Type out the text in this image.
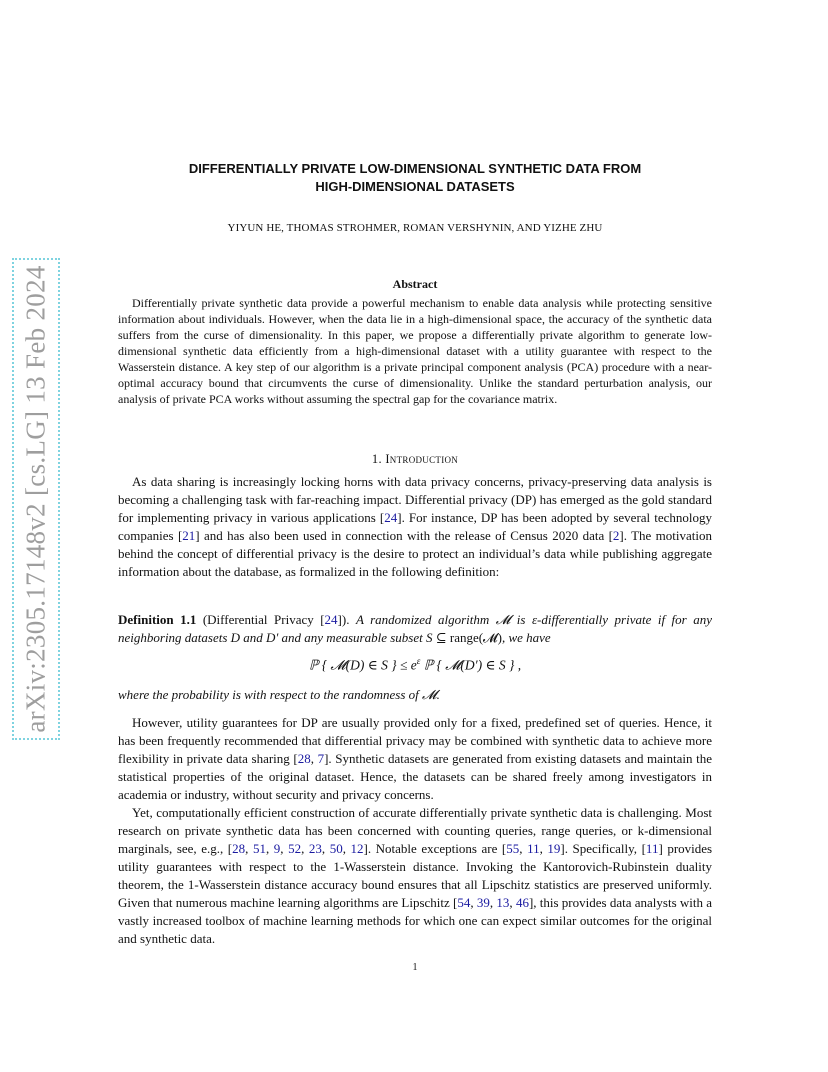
arXiv:2305.17148v2 [cs.LG] 13 Feb 2024
DIFFERENTIALLY PRIVATE LOW-DIMENSIONAL SYNTHETIC DATA FROM
HIGH-DIMENSIONAL DATASETS
YIYUN HE, THOMAS STROHMER, ROMAN VERSHYNIN, AND YIZHE ZHU
Abstract

Differentially private synthetic data provide a powerful mechanism to enable data analysis while protecting sensitive information about individuals. However, when the data lie in a high-dimensional space, the accuracy of the synthetic data suffers from the curse of dimensionality. In this paper, we propose a differentially private algorithm to generate low-dimensional synthetic data efficiently from a high-dimensional dataset with a utility guarantee with respect to the Wasserstein distance. A key step of our algorithm is a private principal component analysis (PCA) procedure with a near-optimal accuracy bound that circumvents the curse of dimensionality. Unlike the standard perturbation analysis, our analysis of private PCA works without assuming the spectral gap for the covariance matrix.

1. Introduction

As data sharing is increasingly locking horns with data privacy concerns, privacy-preserving data analysis is becoming a challenging task with far-reaching impact. Differential privacy (DP) has emerged as the gold standard for implementing privacy in various applications [24]. For instance, DP has been adopted by several technology companies [21] and has also been used in connection with the release of Census 2020 data [2]. The motivation behind the concept of differential privacy is the desire to protect an individual’s data while publishing aggregate information about the database, as formalized in the following definition:

Definition 1.1 (Differential Privacy [24]). A randomized algorithm 𝓜 is ε-differentially private if for any neighboring datasets D and D′ and any measurable subset S ⊆ range(𝓜), we have

ℙ { 𝓜(D) ∈ S } ≤ $e^\varepsilon$ ℙ { 𝓜(D′) ∈ S } ,

where the probability is with respect to the randomness of 𝓜.

However, utility guarantees for DP are usually provided only for a fixed, predefined set of queries. Hence, it has been frequently recommended that differential privacy may be combined with synthetic data to achieve more flexibility in private data sharing [28, 7]. Synthetic datasets are generated from existing datasets and maintain the statistical properties of the original dataset. Hence, the datasets can be shared freely among investigators in academia or industry, without security and privacy concerns.

Yet, computationally efficient construction of accurate differentially private synthetic data is challenging. Most research on private synthetic data has been concerned with counting queries, range queries, or k-dimensional marginals, see, e.g., [28, 51, 9, 52, 23, 50, 12]. Notable exceptions are [55, 11, 19]. Specifically, [11] provides utility guarantees with respect to the 1-Wasserstein distance. Invoking the Kantorovich-Rubinstein duality theorem, the 1-Wasserstein distance accuracy bound ensures that all Lipschitz statistics are preserved uniformly. Given that numerous machine learning algorithms are Lipschitz [54, 39, 13, 46], this provides data analysts with a vastly increased toolbox of machine learning methods for which one can expect similar outcomes for the original and synthetic data.

1
